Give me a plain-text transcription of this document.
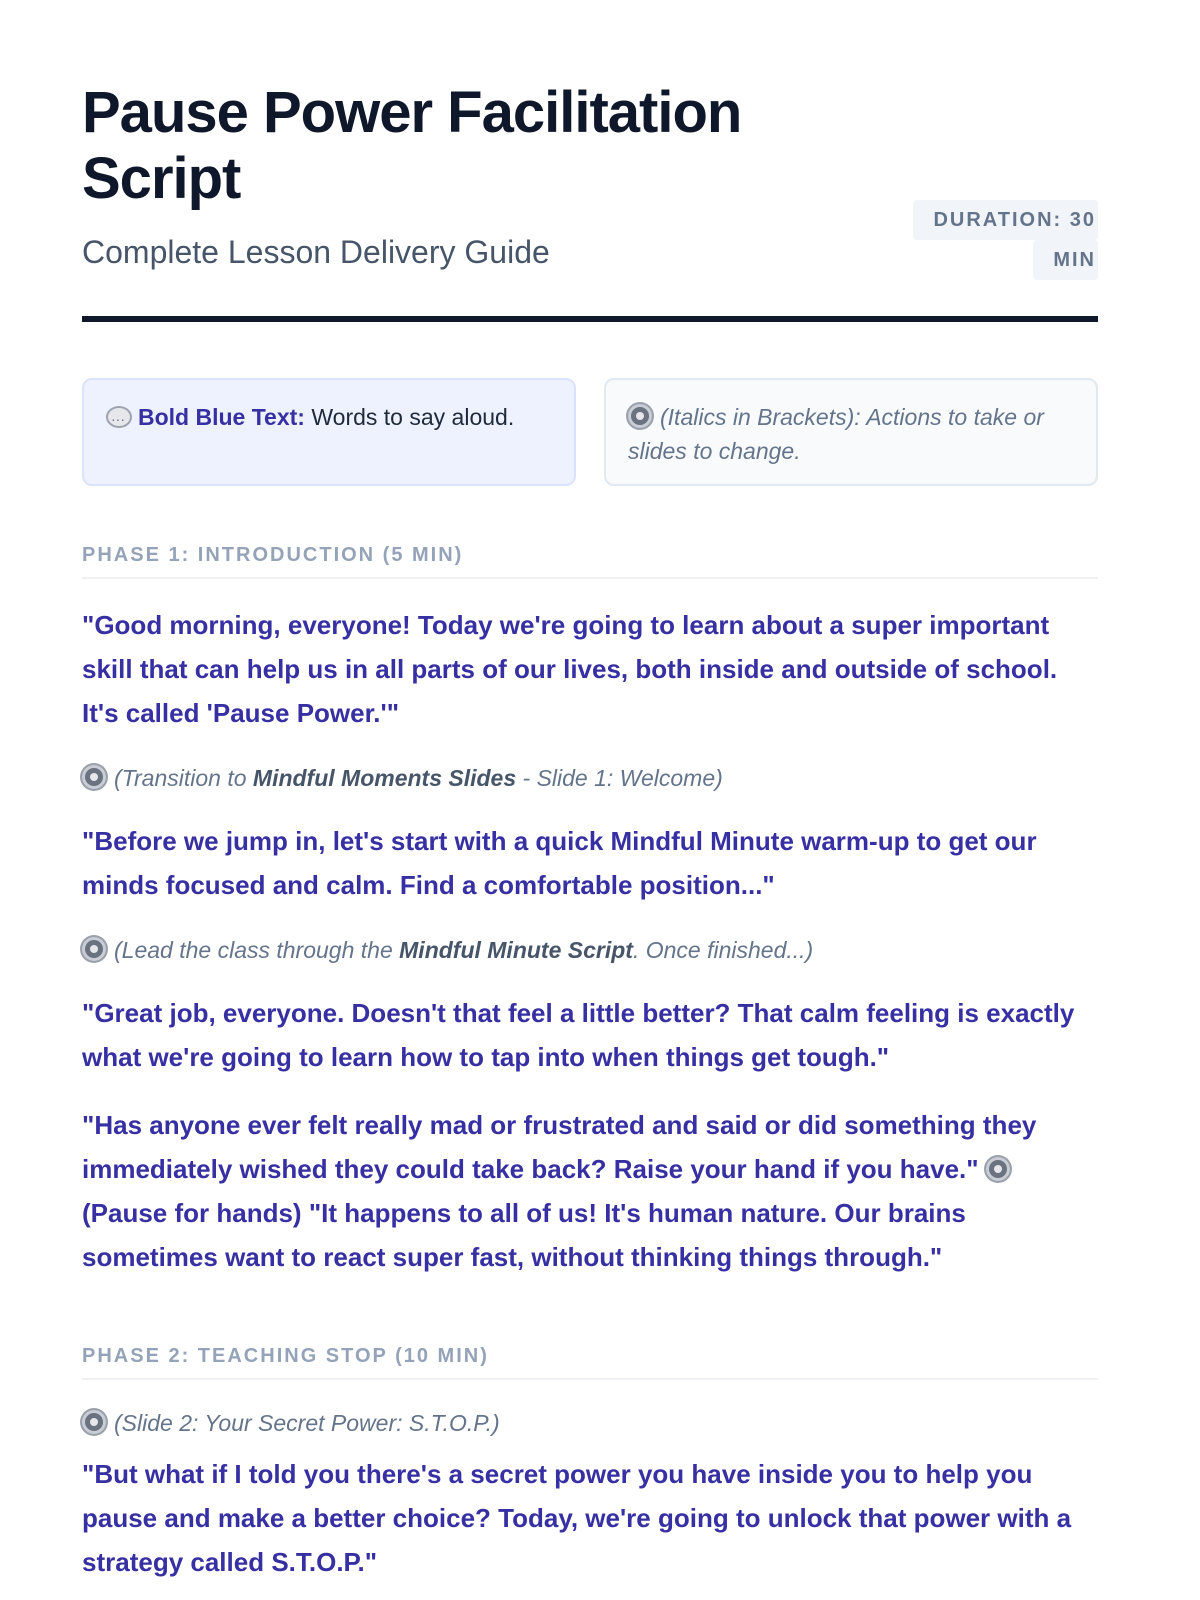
Pause Power Facilitation Script
Complete Lesson Delivery Guide
DURATION: 30 MIN
···Bold Blue Text: Words to say aloud.	(Italics in Brackets): Actions to take or slides to change.
PHASE 1: INTRODUCTION (5 MIN)

"Good morning, everyone! Today we're going to learn about a super important skill that can help us in all parts of our lives, both inside and outside of school. It's called 'Pause Power.'"

(Transition to Mindful Moments Slides - Slide 1: Welcome)

"Before we jump in, let's start with a quick Mindful Minute warm-up to get our minds focused and calm. Find a comfortable position..."

(Lead the class through the Mindful Minute Script. Once finished...)

"Great job, everyone. Doesn't that feel a little better? That calm feeling is exactly what we're going to learn how to tap into when things get tough."

"Has anyone ever felt really mad or frustrated and said or did something they immediately wished they could take back? Raise your hand if you have." (Pause for hands) "It happens to all of us! It's human nature. Our brains sometimes want to react super fast, without thinking things through."

PHASE 2: TEACHING STOP (10 MIN)

(Slide 2: Your Secret Power: S.T.O.P.)

"But what if I told you there's a secret power you have inside you to help you pause and make a better choice? Today, we're going to unlock that power with a strategy called S.T.O.P."
